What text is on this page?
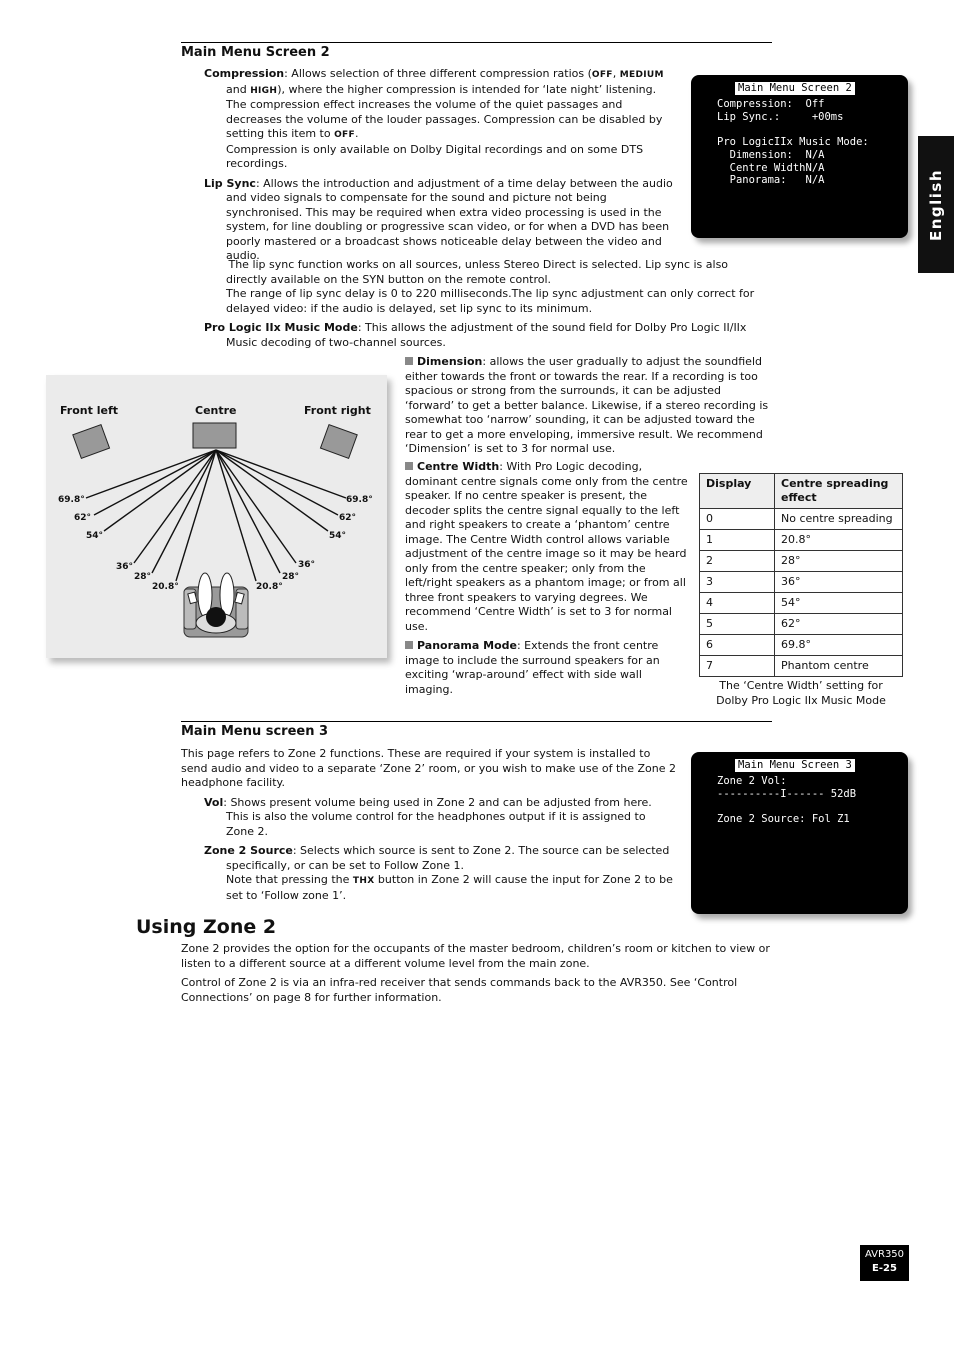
Main Menu Screen 2

Compression: Allows selection of three different compression ratios (OFF, MEDIUM and HIGH), where the higher compression is intended for ‘late night’ listening. The compression effect increases the volume of the quiet passages and decreases the volume of the louder passages. Compression can be disabled by setting this item to OFF.
Compression is only available on Dolby Digital recordings and on some DTS recordings.

Lip Sync: Allows the introduction and adjustment of a time delay between the audio and video signals to compensate for the sound and picture not being synchronised. This may be required when extra video processing is used in the system, for line doubling or progressive scan video, or for when a DVD has been poorly mastered or a broadcast shows noticeable delay between the video and audio.

The lip sync function works on all sources, unless Stereo Direct is selected. Lip sync is also directly available on the SYN button on the remote control.
The range of lip sync delay is 0 to 220 milliseconds.The lip sync adjustment can only correct for delayed video: if the audio is delayed, set lip sync to its minimum.

Pro Logic IIx Music Mode: This allows the adjustment of the sound field for Dolby Pro Logic II/IIx Music decoding of two-channel sources.

Main Menu Screen 2
Compression:  Off
Lip Sync.:     +00ms

Pro LogicIIx Music Mode:
Dimension:  N/A
Centre WidthN/A
Panorama:   N/A	English
Front left	Centre	Front right
69.8°
62°
54°
36°
28°
20.8°
69.8°
62°
54°
36°
28°
20.8°

Dimension: allows the user gradually to adjust the soundfield either towards the front or towards the rear. If a recording is too spacious or strong from the surrounds, it can be adjusted ‘forward’ to get a better balance. Likewise, if a stereo recording is somewhat too ‘narrow’ sounding, it can be adjusted toward the rear to get a more enveloping, immersive result. We recommend ‘Dimension’ is set to 3 for normal use.

Centre Width: With Pro Logic decoding, dominant centre signals come only from the centre speaker. If no centre speaker is present, the decoder splits the centre signal equally to the left and right speakers to create a ‘phantom’ centre image. The Centre Width control allows variable adjustment of the centre image so it may be heard only from the centre speaker; only from the left/right speakers as a phantom image; or from all three front speakers to varying degrees. We recommend ‘Centre Width’ is set to 3 for normal use.

Panorama Mode: Extends the front centre image to include the surround speakers for an exciting ‘wrap-around’ effect with side wall imaging.

Display	Centre spreading effect
0	No centre spreading
1	20.8°
2	28°
3	36°
4	54°
5	62°
6	69.8°
7	Phantom centre
The ‘Centre Width’ setting for
Dolby Pro Logic IIx Music Mode
Main Menu screen 3

This page refers to Zone 2 functions. These are required if your system is installed to send audio and video to a separate ‘Zone 2’ room, or you wish to make use of the Zone 2 headphone facility.

Vol: Shows present volume being used in Zone 2 and can be adjusted from here.
This is also the volume control for the headphones output if it is assigned to Zone 2.

Zone 2 Source: Selects which source is sent to Zone 2. The source can be selected specifically, or can be set to Follow Zone 1.
Note that pressing the THX button in Zone 2 will cause the input for Zone 2 to be set to ‘Follow zone 1’.

Main Menu Screen 3
Zone 2 Vol:
----------I------ 52dB

Zone 2 Source: Fol Z1
Using Zone 2

Zone 2 provides the option for the occupants of the master bedroom, children’s room or kitchen to view or listen to a different source at a different volume level from the main zone.

Control of Zone 2 is via an infra-red receiver that sends commands back to the AVR350. See ‘Control Connections’ on page 8 for further information.

AVR350
E-25
